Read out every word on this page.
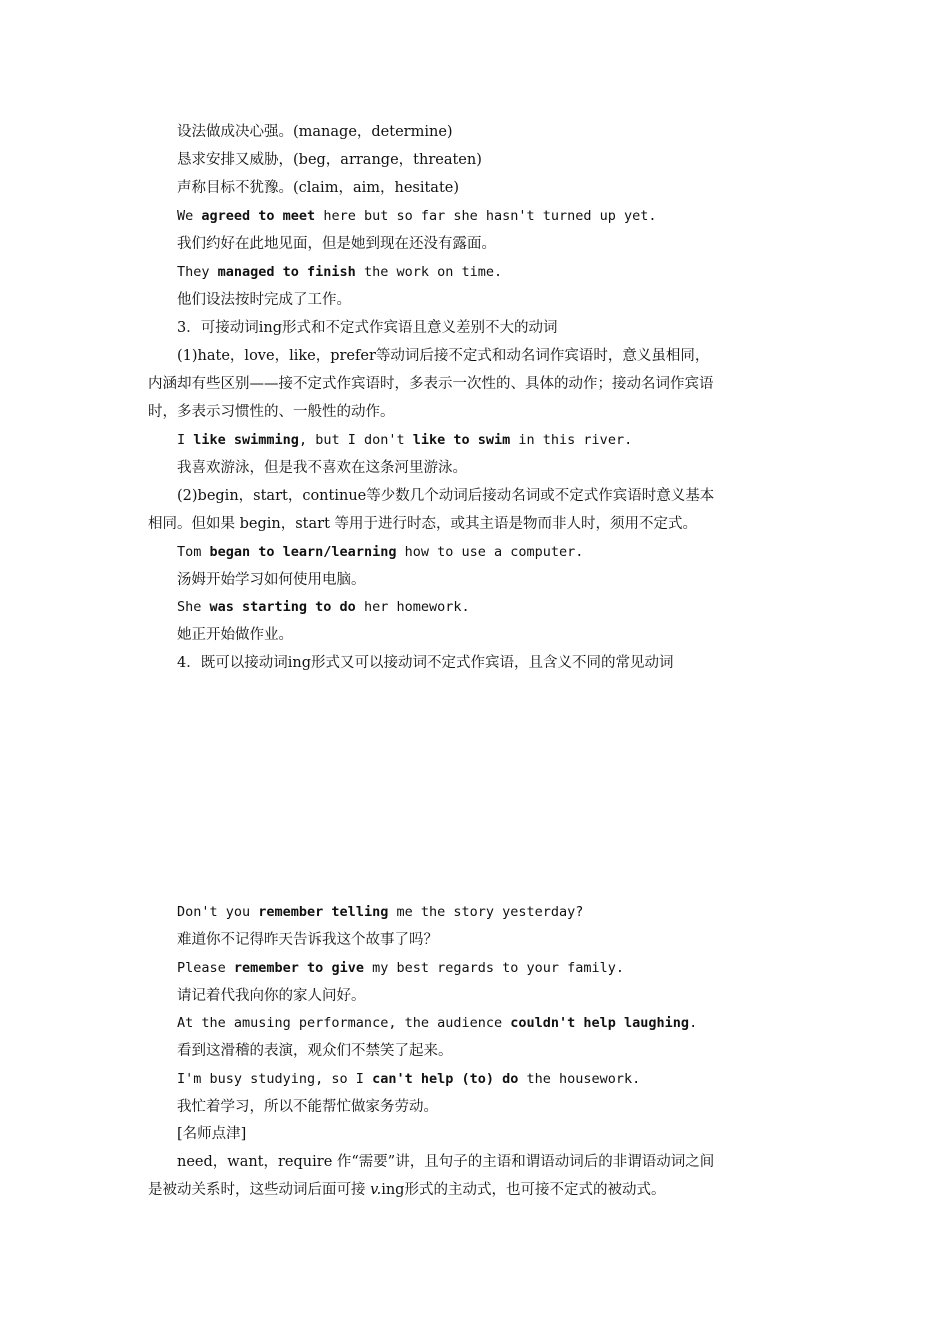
设法做成决心强。(manage，determine)
恳求安排又威胁，(beg，arrange，threaten)
声称目标不犹豫。(claim，aim，hesitate)
We agreed to meet here but so far she hasn't turned up yet.
我们约好在此地见面，但是她到现在还没有露面。
They managed to finish the work on time.
他们设法按时完成了工作。
3．可接动词ing形式和不定式作宾语且意义差别不大的动词
(1)hate，love，like，prefer等动词后接不定式和动名词作宾语时，意义虽相同，
内涵却有些区别——接不定式作宾语时，多表示一次性的、具体的动作；接动名词作宾语
时，多表示习惯性的、一般性的动作。
I like swimming, but I don't like to swim in this river.
我喜欢游泳，但是我不喜欢在这条河里游泳。
(2)begin，start，continue等少数几个动词后接动名词或不定式作宾语时意义基本
相同。但如果 begin，start 等用于进行时态，或其主语是物而非人时，须用不定式。
Tom began to learn/learning how to use a computer.
汤姆开始学习如何使用电脑。
She was starting to do her homework.
她正开始做作业。
4．既可以接动词ing形式又可以接动词不定式作宾语，且含义不同的常见动词
Don't you remember telling me the story yesterday?
难道你不记得昨天告诉我这个故事了吗？
Please remember to give my best regards to your family.
请记着代我向你的家人问好。
At the amusing performance, the audience couldn't help laughing.
看到这滑稽的表演，观众们不禁笑了起来。
I'm busy studying, so I can't help (to) do the housework.
我忙着学习，所以不能帮忙做家务劳动。
[名师点津]
need，want，require 作“需要”讲，且句子的主语和谓语动词后的非谓语动词之间
是被动关系时，这些动词后面可接 v.ing形式的主动式，也可接不定式的被动式。
